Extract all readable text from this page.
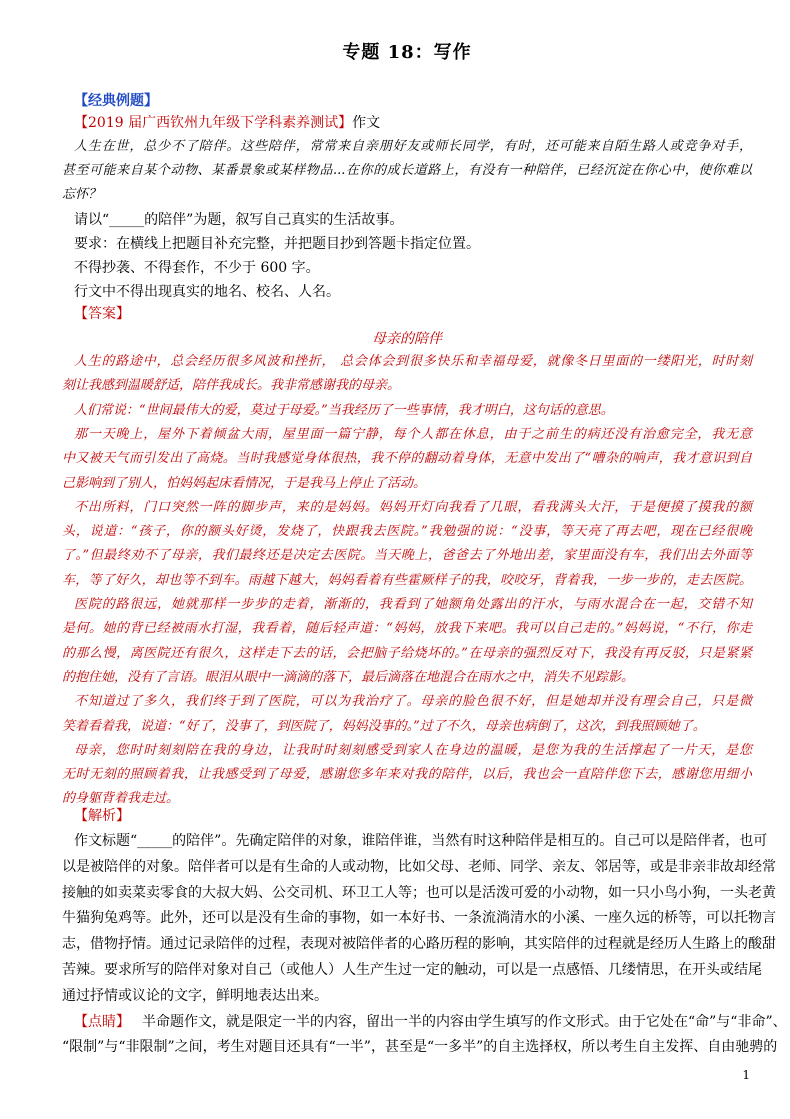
专题 18：写作
【经典例题】
【2019 届广西钦州九年级下学科素养测试】作文
人生在世，总少不了陪伴。这些陪伴，常常来自亲朋好友或师长同学，有时，还可能来自陌生路人或竞争对手，
甚至可能来自某个动物、某番景象或某样物品...在你的成长道路上，有没有一种陪伴，已经沉淀在你心中，使你难以
忘怀？
请以“_____的陪伴”为题，叙写自己真实的生活故事。
要求：在横线上把题目补充完整，并把题目抄到答题卡指定位置。
不得抄袭、不得套作，不少于 600 字。
行文中不得出现真实的地名、校名、人名。
【答案】
母亲的陪伴
人生的路途中，总会经历很多风波和挫折， 总会体会到很多快乐和幸福母爱，就像冬日里面的一缕阳光，时时刻
刻让我感到温暖舒适，陪伴我成长。我非常感谢我的母亲。
人们常说：“世间最伟大的爱，莫过于母爱。”当我经历了一些事情，我才明白，这句话的意思。
那一天晚上，屋外下着倾盆大雨，屋里面一篇宁静，每个人都在休息，由于之前生的病还没有治愈完全，我无意
中又被天气而引发出了高烧。当时我感觉身体很热，我不停的翻动着身体，无意中发出了“嘈杂的响声，我才意识到自
己影响到了别人，怕妈妈起床看情况，于是我马上停止了活动。
不出所料，门口突然一阵的脚步声，来的是妈妈。妈妈开灯向我看了几眼，看我满头大汗，于是便摸了摸我的额
头，说道：“孩子，你的额头好烫，发烧了，快跟我去医院。”我勉强的说：“没事，等天亮了再去吧，现在已经很晚
了。”但最终劝不了母亲，我们最终还是决定去医院。当天晚上，爸爸去了外地出差，家里面没有车，我们出去外面等
车，等了好久，却也等不到车。雨越下越大，妈妈看着有些霍厥样子的我，咬咬牙，背着我，一步一步的，走去医院。
医院的路很远，她就那样一步步的走着，渐渐的，我看到了她额角处露出的汗水，与雨水混合在一起，交错不知
是何。她的背已经被雨水打湿，我看着，随后轻声道：“妈妈，放我下来吧。我可以自己走的。”妈妈说，“不行，你走
的那么慢，离医院还有很久，这样走下去的话，会把脑子给烧坏的。”在母亲的强烈反对下，我没有再反驳，只是紧紧
的抱住她，没有了言语。眼泪从眼中一滴滴的落下，最后滴落在地混合在雨水之中，消失不见踪影。
不知道过了多久，我们终于到了医院，可以为我治疗了。母亲的脸色很不好，但是她却并没有理会自己，只是微
笑着看着我，说道：“好了，没事了，到医院了，妈妈没事的。”过了不久，母亲也病倒了，这次，到我照顾她了。
母亲，您时时刻刻陪在我的身边，让我时时刻刻感受到家人在身边的温暖，是您为我的生活撑起了一片天，是您
无时无刻的照顾着我，让我感受到了母爱，感谢您多年来对我的陪伴，以后，我也会一直陪伴您下去，感谢您用细小
的身躯背着我走过。
【解析】
作文标题“_____的陪伴”。先确定陪伴的对象，谁陪伴谁，当然有时这种陪伴是相互的。自己可以是陪伴者，也可
以是被陪伴的对象。陪伴者可以是有生命的人或动物，比如父母、老师、同学、亲友、邻居等，或是非亲非故却经常
接触的如卖菜卖零食的大叔大妈、公交司机、环卫工人等；也可以是活泼可爱的小动物，如一只小鸟小狗，一头老黄
牛猫狗兔鸡等。此外，还可以是没有生命的事物，如一本好书、一条流淌清水的小溪、一座久远的桥等，可以托物言
志，借物抒情。通过记录陪伴的过程，表现对被陪伴者的心路历程的影响，其实陪伴的过程就是经历人生路上的酸甜
苦辣。要求所写的陪伴对象对自己（或他人）人生产生过一定的触动，可以是一点感悟、几缕情思，在开头或结尾
通过抒情或议论的文字，鲜明地表达出来。
【点睛】 半命题作文，就是限定一半的内容，留出一半的内容由学生填写的作文形式。由于它处在“命”与“非命”、
“限制”与“非限制”之间，考生对题目还具有“一半”，甚至是“一多半”的自主选择权，所以考生自主发挥、自由驰骋的
1
